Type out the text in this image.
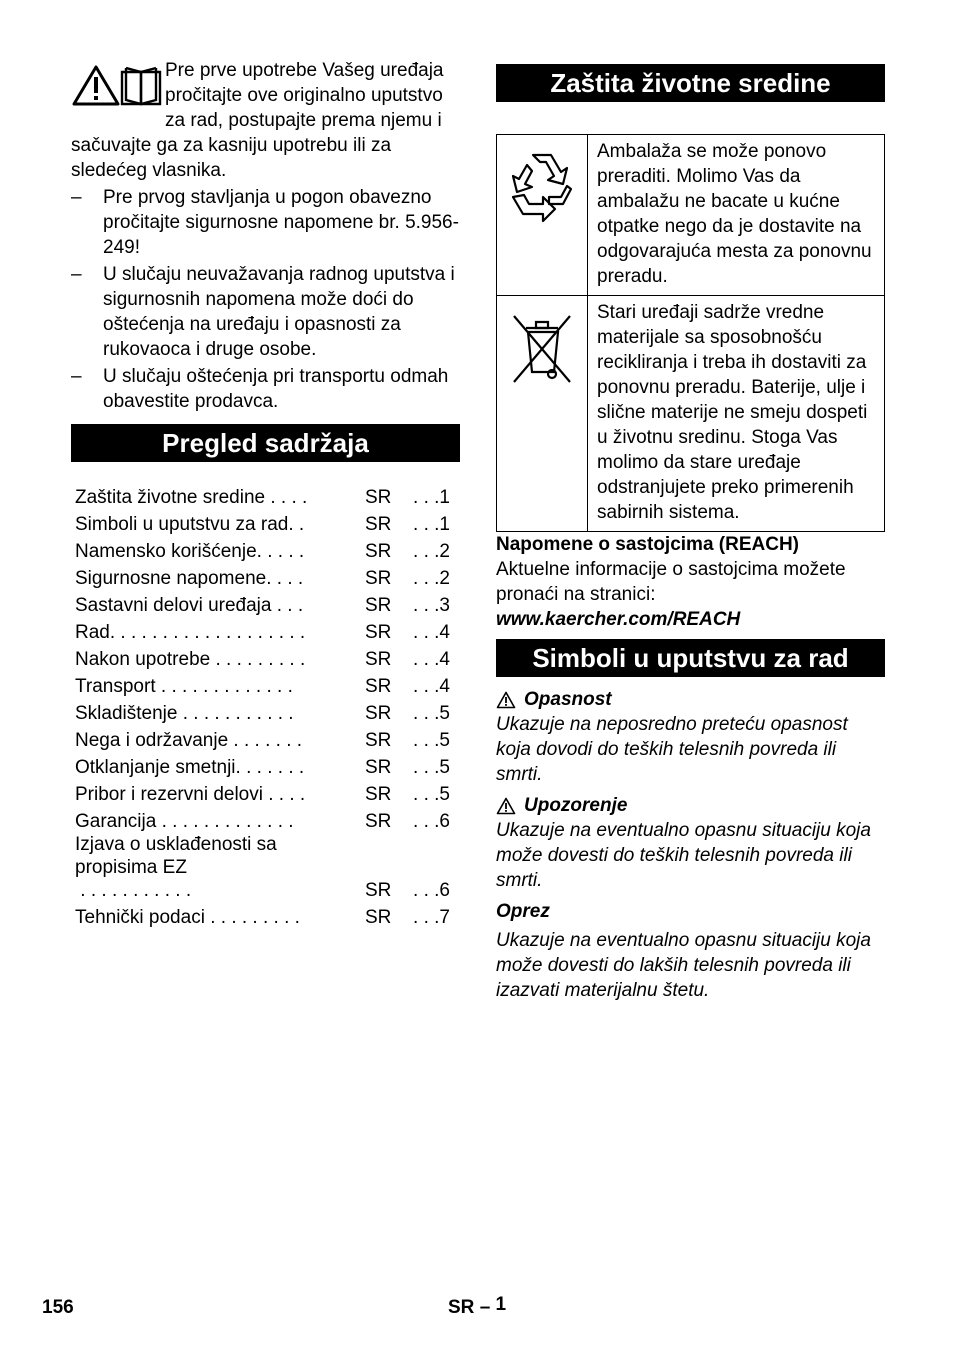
Pre prve upotrebe Vašeg uređaja pročitajte ove originalno uputstvo za rad, postupajte prema njemu i sačuvajte ga za kasniju upotrebu ili za sledećeg vlasnika.

– Pre prvog stavljanja u pogon obavezno pročitajte sigurnosne napomene br. 5.956-249!
– U slučaju neuvažavanja radnog uputstva i sigurnosnih napomena može doći do oštećenja na uređaju i opasnosti za rukovaoca i druge osobe.
– U slučaju oštećenja pri transportu odmah obavestite prodavca.
Pregled sadržaja
Zaštita životne sredine . . . .	SR	. . .1
Simboli u uputstvu za rad. .	SR	. . .1
Namensko korišćenje. . . . .	SR	. . .2
Sigurnosne napomene. . . .	SR	. . .2
Sastavni delovi uređaja . . .	SR	. . .3
Rad. . . . . . . . . . . . . . . . . . .	SR	. . .4
Nakon upotrebe . . . . . . . . .	SR	. . .4
Transport . . . . . . . . . . . . .	SR	. . .4
Skladištenje . . . . . . . . . . .	SR	. . .5
Nega i održavanje . . . . . . .	SR	. . .5
Otklanjanje smetnji. . . . . . .	SR	. . .5
Pribor i rezervni delovi . . . .	SR	. . .5
Garancija . . . . . . . . . . . . .	SR	. . .6
Izjava o usklađenosti sa propisima EZ . . . . . . . . . . .	SR	. . .6
Tehnički podaci . . . . . . . . .	SR	. . .7
Zaštita životne sredine
	Ambalaža se može ponovo preraditi. Molimo Vas da ambalažu ne bacate u kućne otpatke nego da je dostavite na odgovarajuća mesta za ponovnu preradu.
	Stari uređaji sadrže vredne materijale sa sposobnošću recikliranja i treba ih dostaviti za ponovnu preradu. Baterije, ulje i slične materije ne smeju dospeti u životnu sredinu. Stoga Vas molimo da stare uređaje odstranjujete preko primerenih sabirnih sistema.

Napomene o sastojcima (REACH)

Aktuelne informacije o sastojcima možete pronaći na stranici:

www.kaercher.com/REACH

Simboli u uputstvu za rad
Opasnost

Ukazuje na neposredno preteću opasnost koja dovodi do teških telesnih povreda ili smrti.

Upozorenje

Ukazuje na eventualno opasnu situaciju koja može dovesti do teških telesnih povreda ili smrti.

Oprez

Ukazuje na eventualno opasnu situaciju koja može dovesti do lakših telesnih povreda ili izazvati materijalnu štetu.

156	SR – 1
